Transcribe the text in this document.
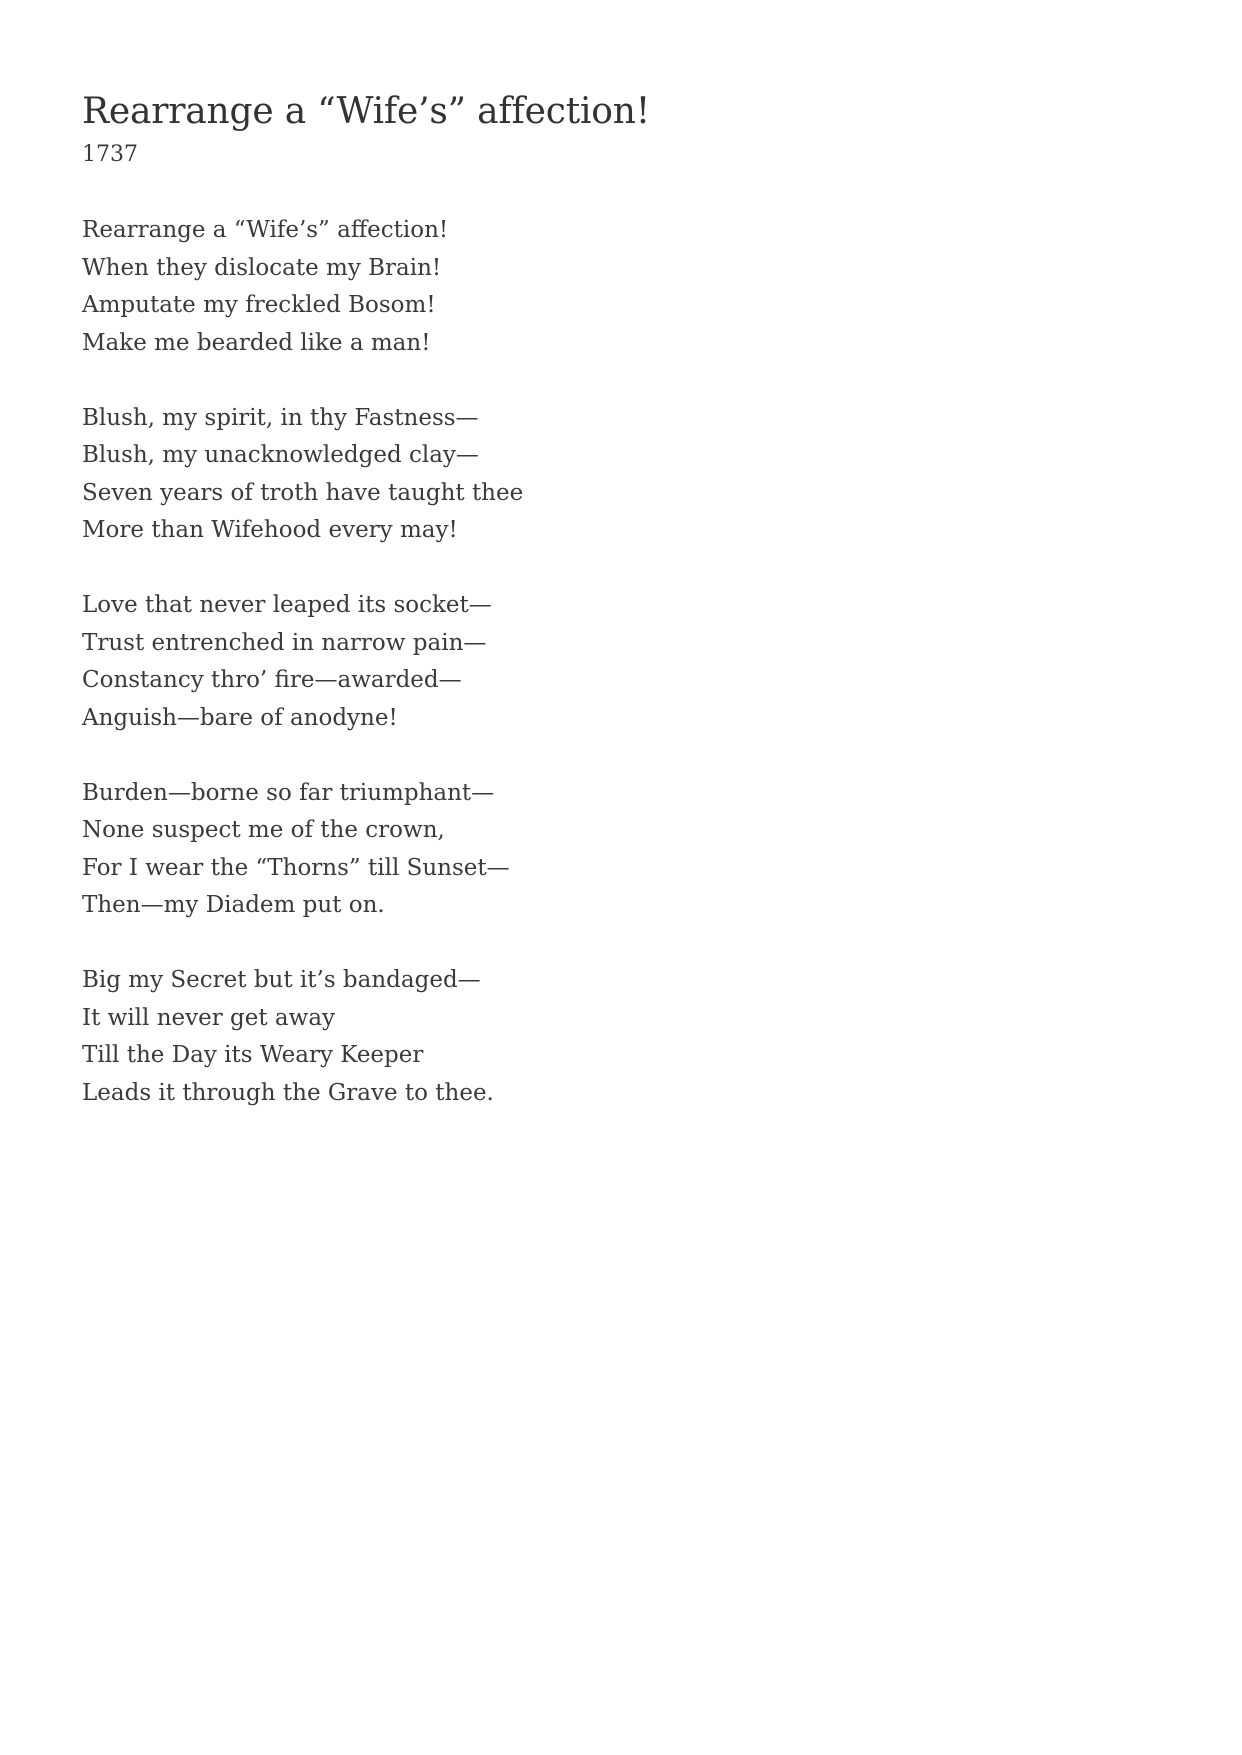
Rearrange a “Wife’s” affection!
1737
Rearrange a “Wife’s” affection!
When they dislocate my Brain!
Amputate my freckled Bosom!
Make me bearded like a man!
Blush, my spirit, in thy Fastness—
Blush, my unacknowledged clay—
Seven years of troth have taught thee
More than Wifehood every may!
Love that never leaped its socket—
Trust entrenched in narrow pain—
Constancy thro’ fire—awarded—
Anguish—bare of anodyne!
Burden—borne so far triumphant—
None suspect me of the crown,
For I wear the “Thorns” till Sunset—
Then—my Diadem put on.
Big my Secret but it’s bandaged—
It will never get away
Till the Day its Weary Keeper
Leads it through the Grave to thee.
